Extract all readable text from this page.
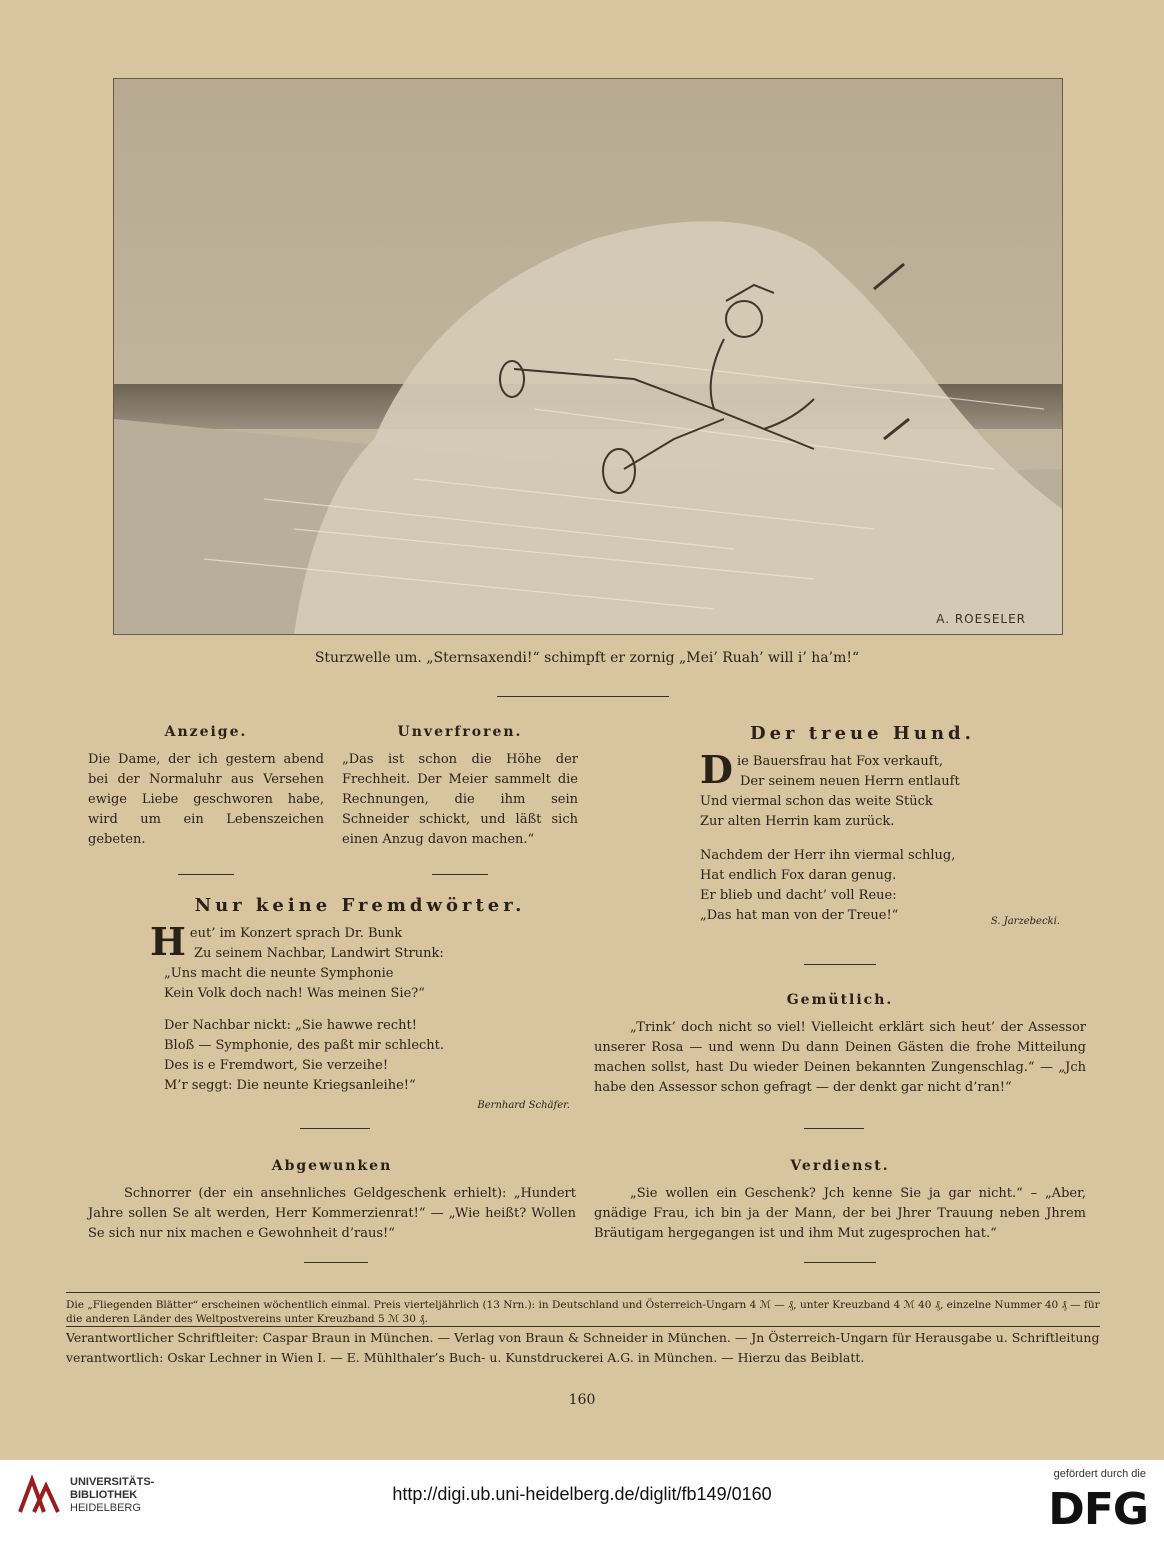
A. ROESELER
Sturzwelle um. „Sternsaxendi!“ schimpft er zornig „Mei’ Ruah’ will i’ ha’m!“
Anzeige.

Die Dame, der ich gestern abend bei der Normaluhr aus Versehen ewige Liebe geschworen habe, wird um ein Lebenszeichen gebeten.

Unverfroren.

„Das ist schon die Höhe der Frechheit. Der Meier sammelt die Rechnungen, die ihm sein Schneider schickt, und läßt sich einen Anzug davon machen.“

Nur keine Fremdwörter.
H eut’ im Konzert sprach Dr. Bunk
Zu seinem Nachbar, Landwirt Strunk:
„Uns macht die neunte Symphonie
Kein Volk doch nach! Was meinen Sie?“
Der Nachbar nickt: „Sie hawwe recht!
Bloß — Symphonie, des paßt mir schlecht.
Des is e Fremdwort, Sie verzeihe!
M’r seggt: Die neunte Kriegsanleihe!“
Bernhard Schäfer.
Der treue Hund.
D ie Bauersfrau hat Fox verkauft,
Der seinem neuen Herrn entlauft
Und viermal schon das weite Stück
Zur alten Herrin kam zurück.
Nachdem der Herr ihn viermal schlug,
Hat endlich Fox daran genug.
Er blieb und dacht’ voll Reue:
„Das hat man von der Treue!“	S. Jarzebecki.
Gemütlich.

„Trink’ doch nicht so viel! Vielleicht erklärt sich heut’ der Assessor unserer Rosa — und wenn Du dann Deinen Gästen die frohe Mitteilung machen sollst, hast Du wieder Deinen bekannten Zungenschlag.“ — „Jch habe den Assessor schon gefragt — der denkt gar nicht d’ran!“

Abgewunken

Schnorrer (der ein ansehnliches Geldgeschenk erhielt): „Hundert Jahre sollen Se alt werden, Herr Kommerzienrat!“ — „Wie heißt? Wollen Se sich nur nix machen e Gewohnheit d’raus!“

Verdienst.

„Sie wollen ein Geschenk? Jch kenne Sie ja gar nicht.“ – „Aber, gnädige Frau, ich bin ja der Mann, der bei Jhrer Trauung neben Jhrem Bräutigam hergegangen ist und ihm Mut zugesprochen hat.“

Die „Fliegenden Blätter“ erscheinen wöchentlich einmal. Preis vierteljährlich (13 Nrn.): in Deutschland und Österreich-Ungarn 4 ℳ — ₰, unter Kreuzband 4 ℳ 40 ₰, einzelne Nummer 40 ₰ — für die anderen Länder des Weltpostvereins unter Kreuzband 5 ℳ 30 ₰.
Verantwortlicher Schriftleiter: Caspar Braun in München. — Verlag von Braun & Schneider in München. — Jn Österreich-Ungarn für Herausgabe u. Schriftleitung verantwortlich: Oskar Lechner in Wien I. — E. Mühlthaler’s Buch- u. Kunstdruckerei A.G. in München. — Hierzu das Beiblatt.
160
UNIVERSITÄTS-
BIBLIOTHEK
HEIDELBERG
http://digi.ub.uni-heidelberg.de/diglit/fb149/0160
gefördert durch die
DFG
